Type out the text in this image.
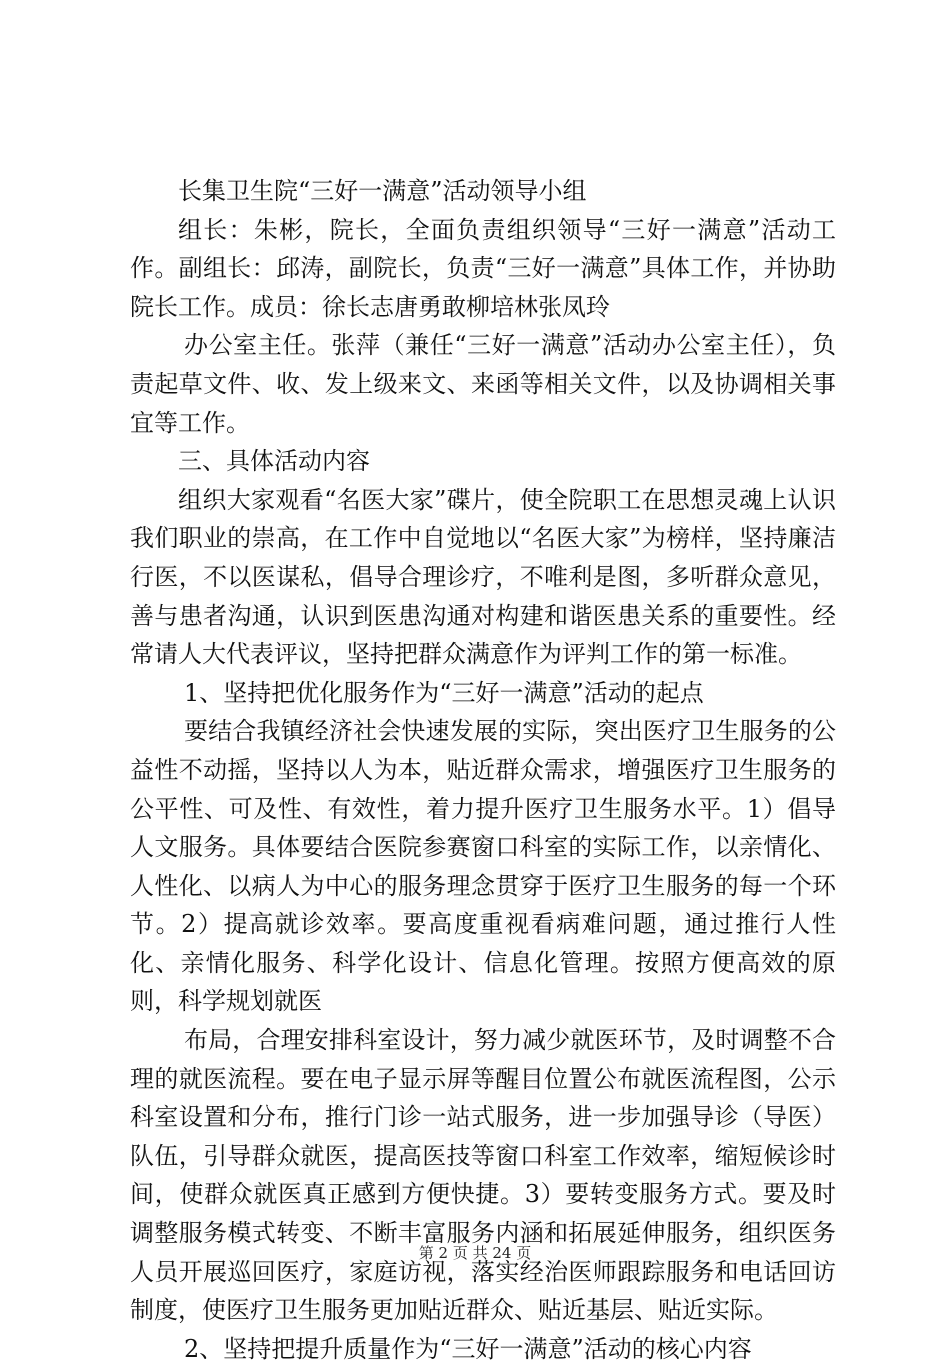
长集卫生院“三好一满意”活动领导小组

组长：朱彬，院长，全面负责组织领导“三好一满意”活动工作。副组长：邱涛，副院长，负责“三好一满意”具体工作，并协助院长工作。成员：徐长志唐勇敢柳培林张凤玲

办公室主任。张萍（兼任“三好一满意”活动办公室主任），负责起草文件、收、发上级来文、来函等相关文件，以及协调相关事宜等工作。

三、具体活动内容

组织大家观看“名医大家”碟片，使全院职工在思想灵魂上认识我们职业的崇高，在工作中自觉地以“名医大家”为榜样，坚持廉洁行医，不以医谋私，倡导合理诊疗，不唯利是图，多听群众意见，善与患者沟通，认识到医患沟通对构建和谐医患关系的重要性。经常请人大代表评议，坚持把群众满意作为评判工作的第一标准。

1、坚持把优化服务作为“三好一满意”活动的起点

要结合我镇经济社会快速发展的实际，突出医疗卫生服务的公益性不动摇，坚持以人为本，贴近群众需求，增强医疗卫生服务的公平性、可及性、有效性，着力提升医疗卫生服务水平。1）倡导人文服务。具体要结合医院参赛窗口科室的实际工作，以亲情化、人性化、以病人为中心的服务理念贯穿于医疗卫生服务的每一个环节。2）提高就诊效率。要高度重视看病难问题，通过推行人性化、亲情化服务、科学化设计、信息化管理。按照方便高效的原则，科学规划就医

布局，合理安排科室设计，努力减少就医环节，及时调整不合理的就医流程。要在电子显示屏等醒目位置公布就医流程图，公示科室设置和分布，推行门诊一站式服务，进一步加强导诊（导医）队伍，引导群众就医，提高医技等窗口科室工作效率，缩短候诊时间，使群众就医真正感到方便快捷。3）要转变服务方式。要及时调整服务模式转变、不断丰富服务内涵和拓展延伸服务，组织医务人员开展巡回医疗，家庭访视，落实经治医师跟踪服务和电话回访制度，使医疗卫生服务更加贴近群众、贴近基层、贴近实际。

2、坚持把提升质量作为“三好一满意”活动的核心内容

第 2 页 共 24 页
